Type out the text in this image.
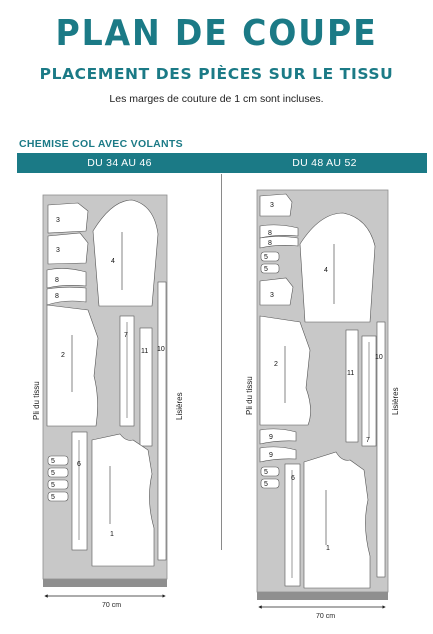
PLAN DE COUPE
PLACEMENT DES PIÈCES SUR LE TISSU
Les marges de couture de 1 cm sont incluses.
CHEMISE COL AVEC VOLANTS
DU 34 AU 46	DU 48 AU 52
3
3
8
8
4
2
11 10
7
6
5
5
5
5
1
Pli du tissu	Lisières
70 cm
3
8
8
5
5
3
4
2
11
7
10
9
9
5
5
6
1
Pli du tissu	Lisières
70 cm
